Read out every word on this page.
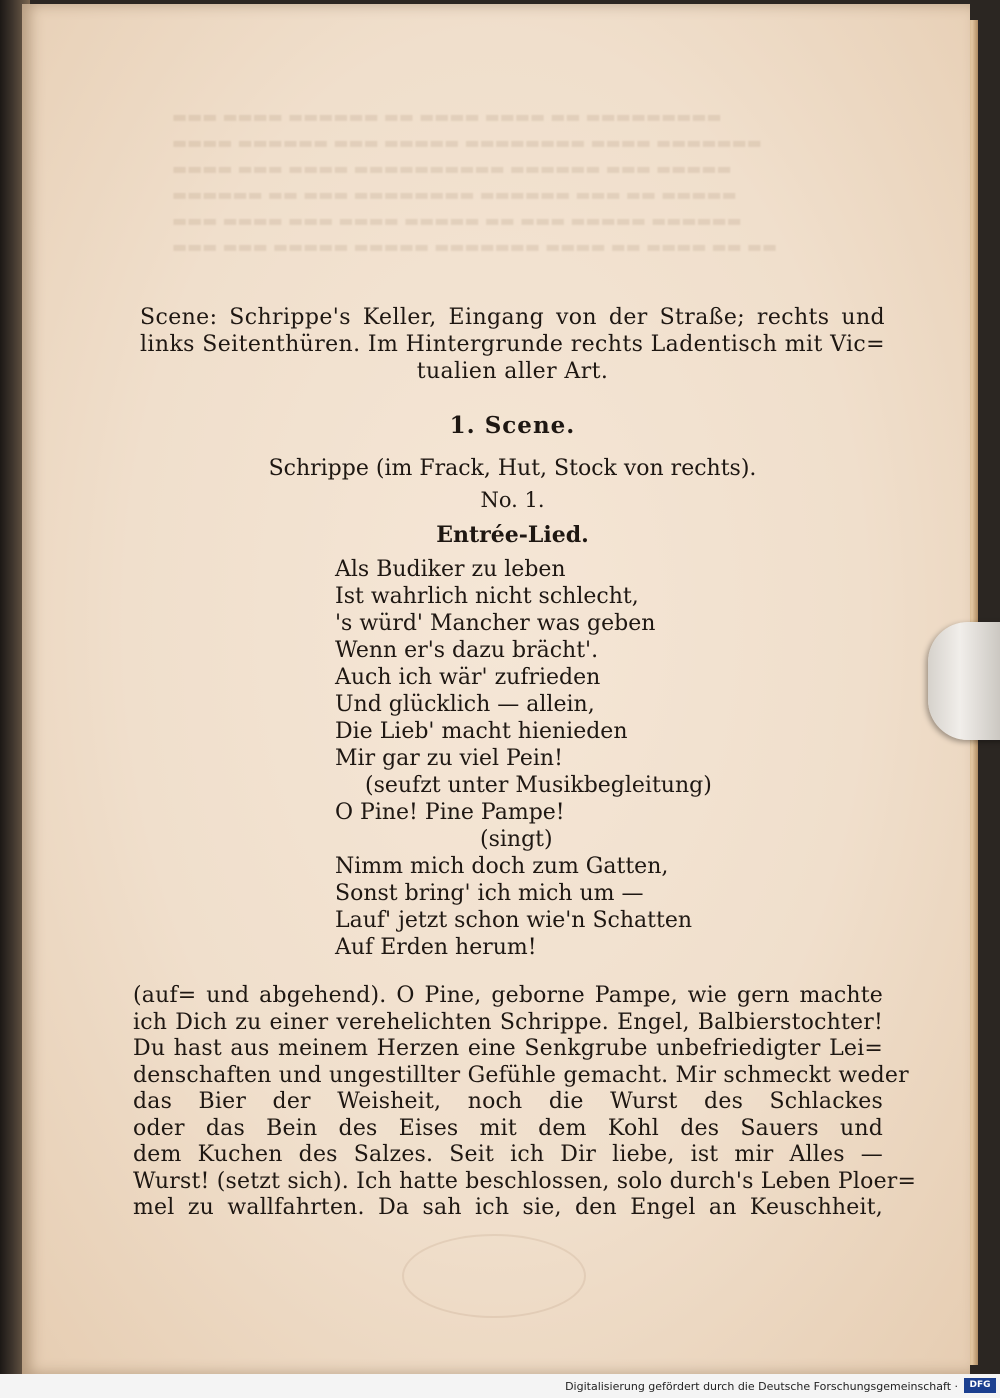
▬▬▬ ▬▬▬▬ ▬▬▬▬▬▬ ▬▬ ▬▬▬▬ ▬▬▬▬ ▬▬ ▬▬▬▬▬▬▬▬▬
▬▬▬▬ ▬▬▬▬▬▬ ▬▬▬ ▬▬▬▬▬ ▬▬▬▬▬▬▬▬ ▬▬▬▬ ▬▬▬▬▬▬▬
▬▬▬▬ ▬▬▬ ▬▬▬▬ ▬▬▬▬▬▬▬▬▬▬ ▬▬▬▬▬▬ ▬▬▬ ▬▬▬▬▬
▬▬▬▬▬▬ ▬▬ ▬▬▬ ▬▬▬▬▬▬▬▬ ▬▬▬▬▬▬ ▬▬▬ ▬▬ ▬▬▬▬▬
▬▬▬ ▬▬▬▬ ▬▬▬ ▬▬▬▬ ▬▬▬▬▬ ▬▬ ▬▬▬ ▬▬▬▬▬ ▬▬▬▬▬▬
▬▬▬ ▬▬▬ ▬▬▬▬▬ ▬▬▬▬▬ ▬▬▬▬▬▬▬ ▬▬▬▬ ▬▬ ▬▬▬▬ ▬▬ ▬▬
Scene: Schrippe's Keller, Eingang von der Straße; rechts und
links Seitenthüren. Im Hintergrunde rechts Ladentisch mit Vic=
tualien aller Art.
1. Scene.
Schrippe (im Frack, Hut, Stock von rechts).
No. 1.
Entrée-Lied.
Als Budiker zu leben
Ist wahrlich nicht schlecht,
's würd' Mancher was geben
Wenn er's dazu brächt'.
Auch ich wär' zufrieden
Und glücklich — allein,
Die Lieb' macht hienieden
Mir gar zu viel Pein!
(seufzt unter Musikbegleitung)
O Pine! Pine Pampe!
(singt)
Nimm mich doch zum Gatten,
Sonst bring' ich mich um —
Lauf' jetzt schon wie'n Schatten
Auf Erden herum!
(auf= und abgehend). O Pine, geborne Pampe, wie gern machte
ich Dich zu einer verehelichten Schrippe. Engel, Balbierstochter!
Du hast aus meinem Herzen eine Senkgrube unbefriedigter Lei=
denschaften und ungestillter Gefühle gemacht. Mir schmeckt weder
das Bier der Weisheit, noch die Wurst des Schlackes
oder das Bein des Eises mit dem Kohl des Sauers und
dem Kuchen des Salzes. Seit ich Dir liebe, ist mir Alles —
Wurst! (setzt sich). Ich hatte beschlossen, solo durch's Leben Ploer=
mel zu wallfahrten. Da sah ich sie, den Engel an Keuschheit,
Digitalisierung gefördert durch die Deutsche Forschungsgemeinschaft ·	DFG
